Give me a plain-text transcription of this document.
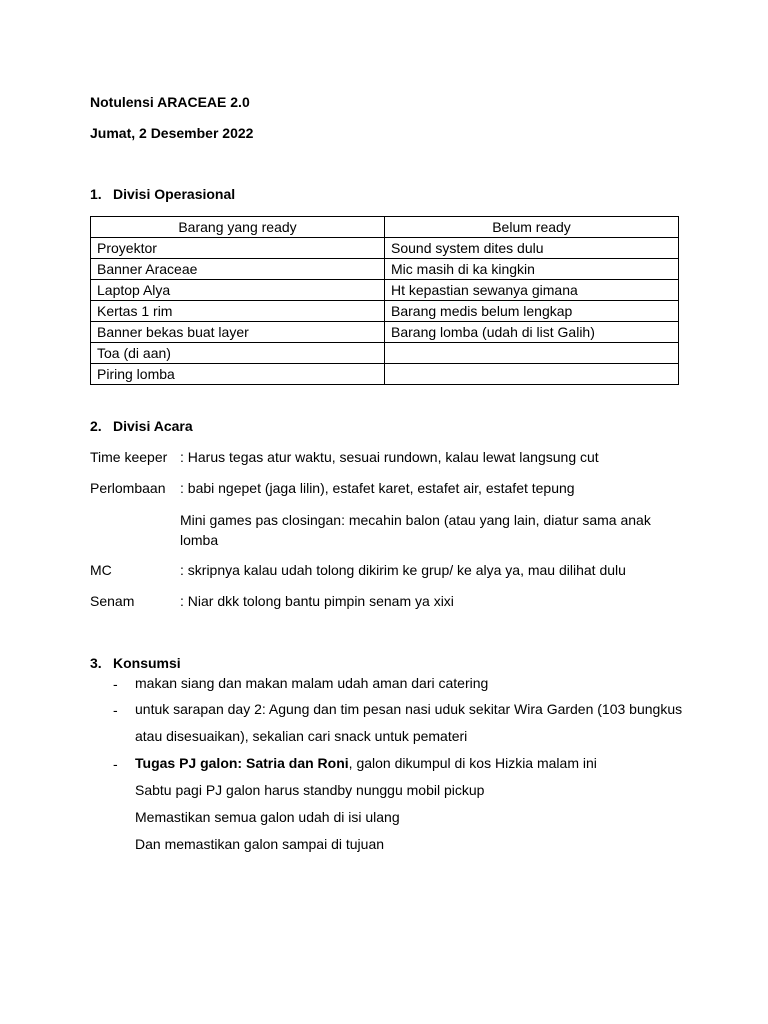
Notulensi ARACEAE 2.0
Jumat, 2 Desember 2022
1. Divisi Operasional
Barang yang ready	Belum ready
Proyektor	Sound system dites dulu
Banner Araceae	Mic masih di ka kingkin
Laptop Alya	Ht kepastian sewanya gimana
Kertas 1 rim	Barang medis belum lengkap
Banner bekas buat layer	Barang lomba (udah di list Galih)
Toa (di aan)	
Piring lomba	
2. Divisi Acara
Time keeper : Harus tegas atur waktu, sesuai rundown, kalau lewat langsung cut
Perlombaan : babi ngepet (jaga lilin), estafet karet, estafet air, estafet tepung
Mini games pas closingan: mecahin balon (atau yang lain, diatur sama anak lomba
MC	: skripnya kalau udah tolong dikirim ke grup/ ke alya ya, mau dilihat dulu
Senam	: Niar dkk tolong bantu pimpin senam ya xixi
3. Konsumsi
- makan siang dan makan malam udah aman dari catering
- untuk sarapan day 2: Agung dan tim pesan nasi uduk sekitar Wira Garden (103 bungkus atau disesuaikan), sekalian cari snack untuk pemateri
- Tugas PJ galon: Satria dan Roni, galon dikumpul di kos Hizkia malam ini
Sabtu pagi PJ galon harus standby nunggu mobil pickup
Memastikan semua galon udah di isi ulang
Dan memastikan galon sampai di tujuan
